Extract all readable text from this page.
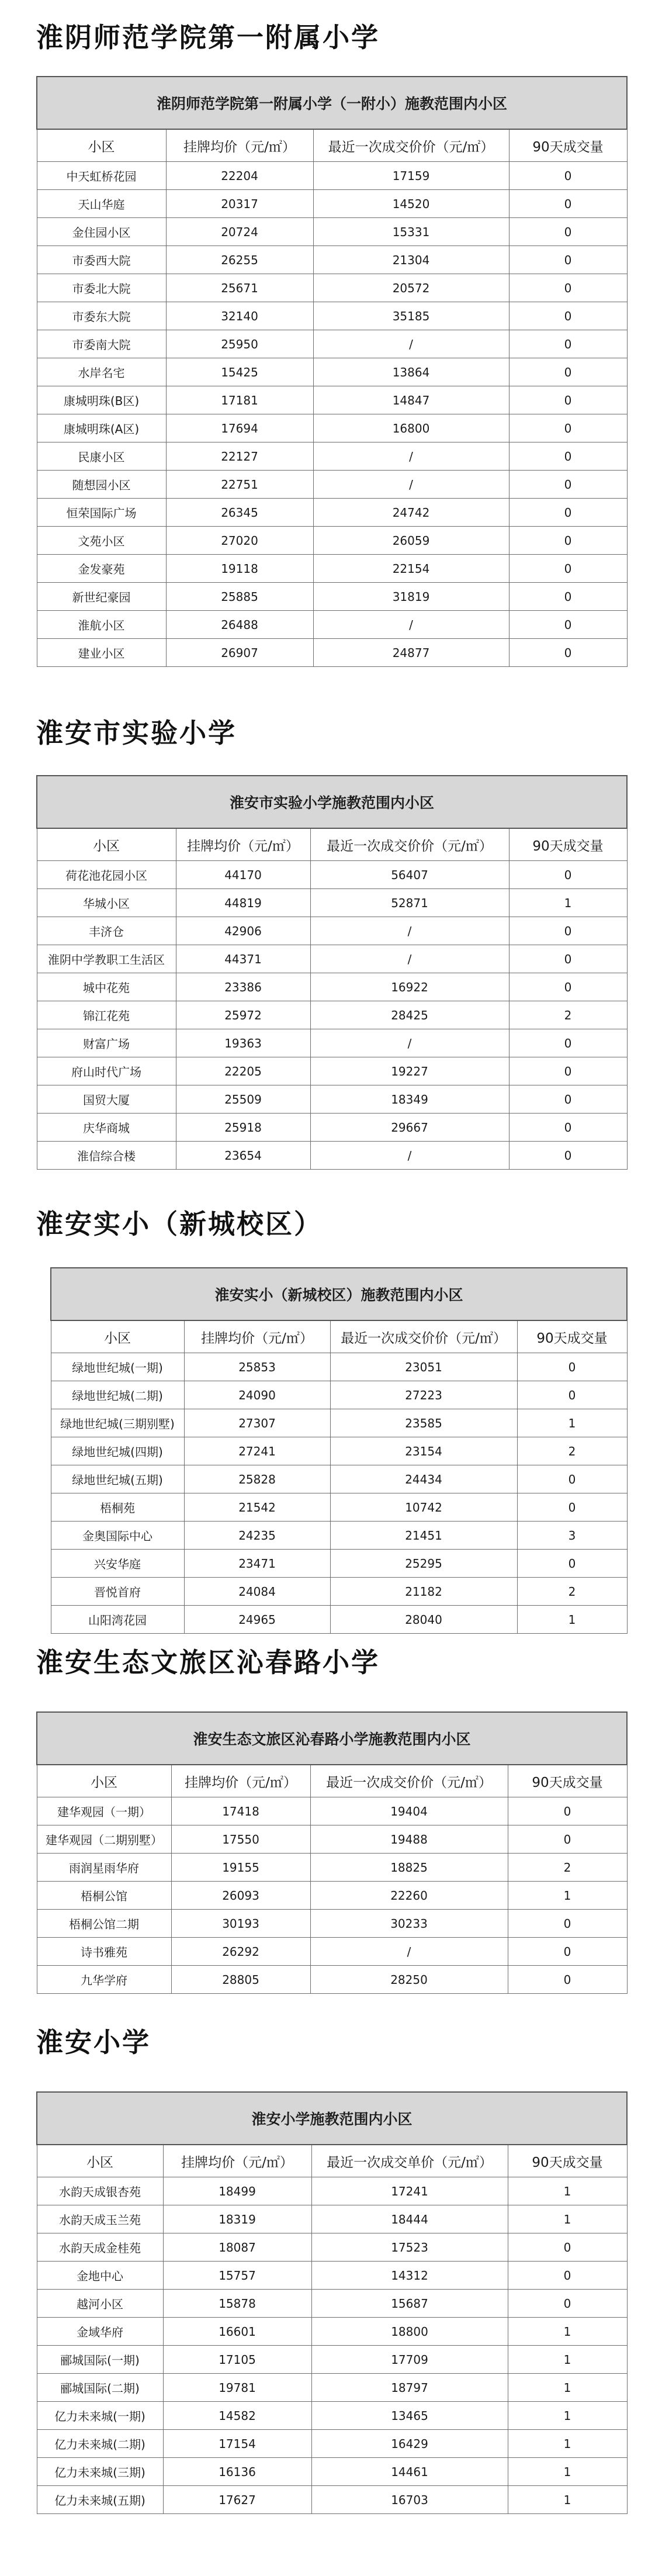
淮阴师范学院第一附属小学
淮阴师范学院第一附属小学（一附小）施教范围内小区			
小区	挂牌均价（元/㎡）	最近一次成交价价（元/㎡）	90天成交量
中天虹桥花园	22204	17159	0
天山华庭	20317	14520	0
金住园小区	20724	15331	0
市委西大院	26255	21304	0
市委北大院	25671	20572	0
市委东大院	32140	35185	0
市委南大院	25950	/	0
水岸名宅	15425	13864	0
康城明珠(B区)	17181	14847	0
康城明珠(A区)	17694	16800	0
民康小区	22127	/	0
随想园小区	22751	/	0
恒荣国际广场	26345	24742	0
文苑小区	27020	26059	0
金发豪苑	19118	22154	0
新世纪豪园	25885	31819	0
淮航小区	26488	/	0
建业小区	26907	24877	0
淮安市实验小学
淮安市实验小学施教范围内小区			
小区	挂牌均价（元/㎡）	最近一次成交价价（元/㎡）	90天成交量
荷花池花园小区	44170	56407	0
华城小区	44819	52871	1
丰济仓	42906	/	0
淮阴中学教职工生活区	44371	/	0
城中花苑	23386	16922	0
锦江花苑	25972	28425	2
财富广场	19363	/	0
府山时代广场	22205	19227	0
国贸大厦	25509	18349	0
庆华商城	25918	29667	0
淮信综合楼	23654	/	0
淮安实小（新城校区）
淮安实小（新城校区）施教范围内小区			
小区	挂牌均价（元/㎡）	最近一次成交价价（元/㎡）	90天成交量
绿地世纪城(一期)	25853	23051	0
绿地世纪城(二期)	24090	27223	0
绿地世纪城(三期别墅)	27307	23585	1
绿地世纪城(四期)	27241	23154	2
绿地世纪城(五期)	25828	24434	0
梧桐苑	21542	10742	0
金奥国际中心	24235	21451	3
兴安华庭	23471	25295	0
晋悦首府	24084	21182	2
山阳湾花园	24965	28040	1
淮安生态文旅区沁春路小学
淮安生态文旅区沁春路小学施教范围内小区			
小区	挂牌均价（元/㎡）	最近一次成交价价（元/㎡）	90天成交量
建华观园（一期）	17418	19404	0
建华观园（二期别墅）	17550	19488	0
雨润星雨华府	19155	18825	2
梧桐公馆	26093	22260	1
梧桐公馆二期	30193	30233	0
诗书雅苑	26292	/	0
九华学府	28805	28250	0
淮安小学
淮安小学施教范围内小区			
小区	挂牌均价（元/㎡）	最近一次成交单价（元/㎡）	90天成交量
水韵天成银杏苑	18499	17241	1
水韵天成玉兰苑	18319	18444	1
水韵天成金桂苑	18087	17523	0
金地中心	15757	14312	0
越河小区	15878	15687	0
金域华府	16601	18800	1
郦城国际(一期)	17105	17709	1
郦城国际(二期)	19781	18797	1
亿力未来城(一期)	14582	13465	1
亿力未来城(二期)	17154	16429	1
亿力未来城(三期)	16136	14461	1
亿力未来城(五期)	17627	16703	1
